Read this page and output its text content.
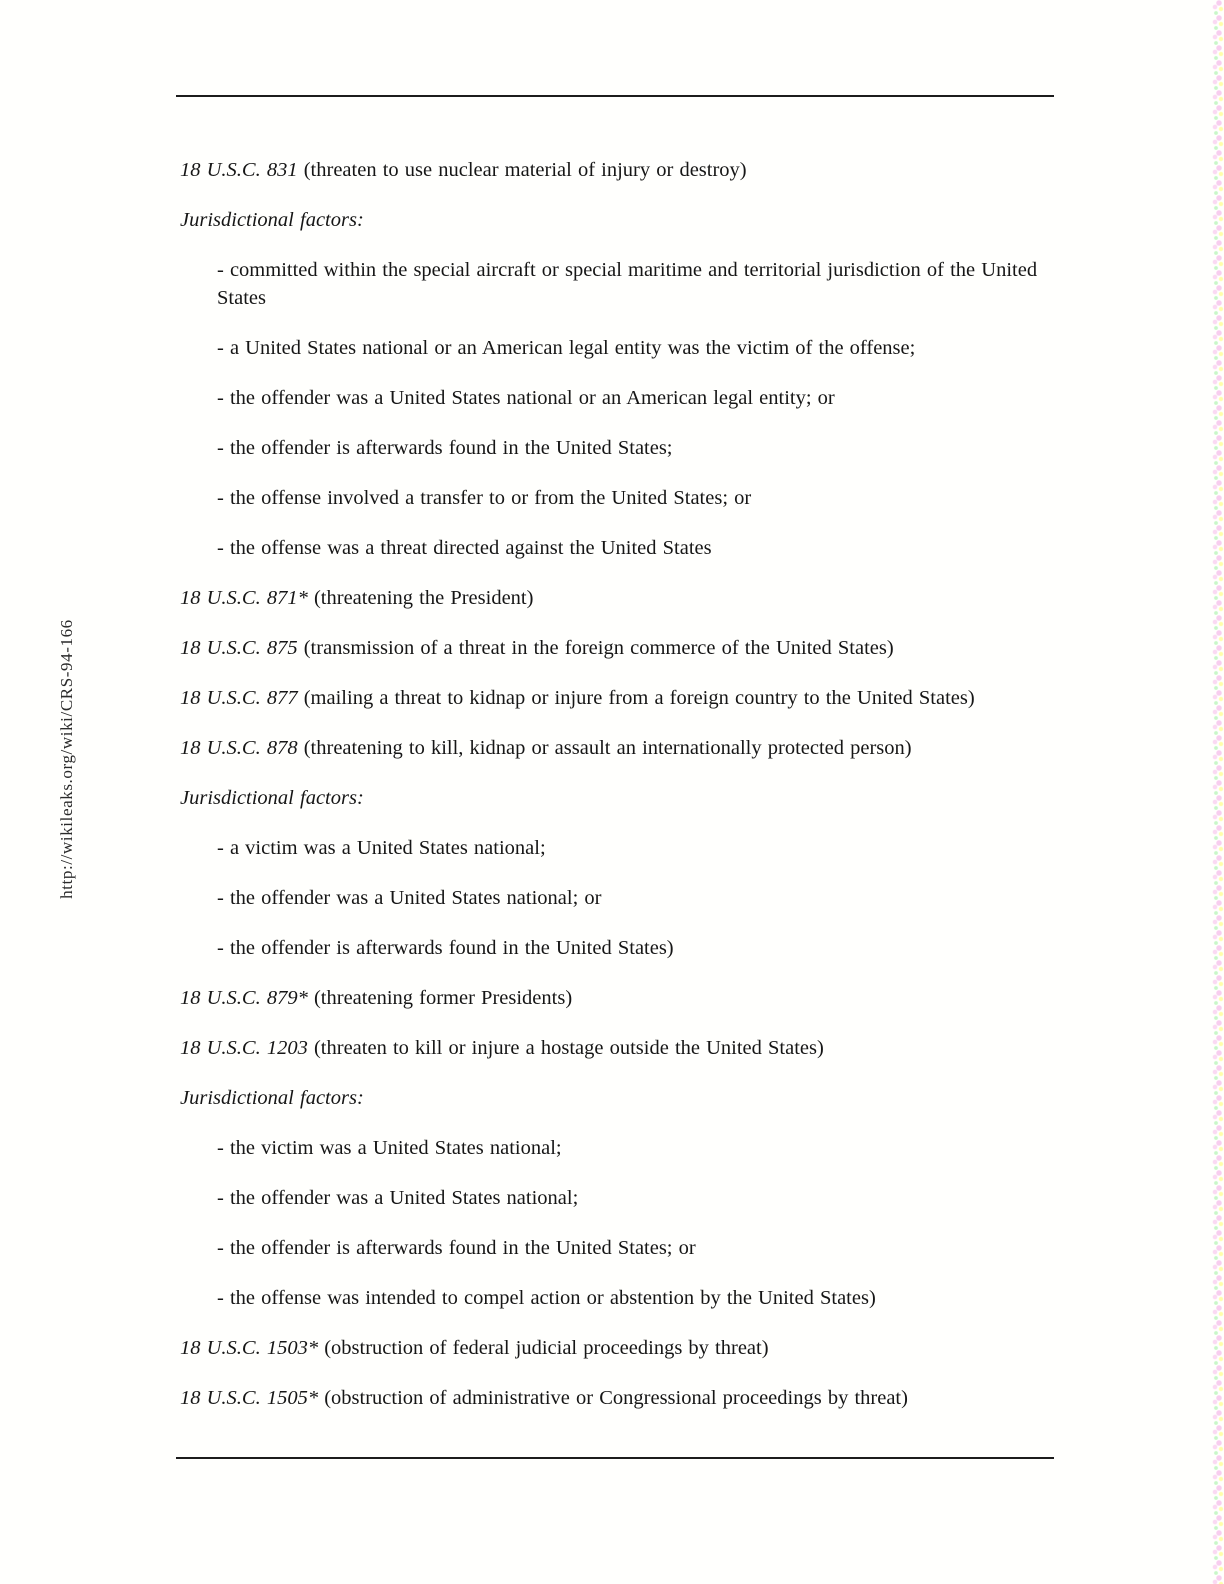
http://wikileaks.org/wiki/CRS-94-166

18 U.S.C. 831 (threaten to use nuclear material of injury or destroy)

Jurisdictional factors:

- committed within the special aircraft or special maritime and territorial jurisdiction of the United States

- a United States national or an American legal entity was the victim of the offense;

- the offender was a United States national or an American legal entity; or

- the offender is afterwards found in the United States;

- the offense involved a transfer to or from the United States; or

- the offense was a threat directed against the United States

18 U.S.C. 871* (threatening the President)

18 U.S.C. 875 (transmission of a threat in the foreign commerce of the United States)

18 U.S.C. 877 (mailing a threat to kidnap or injure from a foreign country to the United States)

18 U.S.C. 878 (threatening to kill, kidnap or assault an internationally protected person)

Jurisdictional factors:

- a victim was a United States national;

- the offender was a United States national; or

- the offender is afterwards found in the United States)

18 U.S.C. 879* (threatening former Presidents)

18 U.S.C. 1203 (threaten to kill or injure a hostage outside the United States)

Jurisdictional factors:

- the victim was a United States national;

- the offender was a United States national;

- the offender is afterwards found in the United States; or

- the offense was intended to compel action or abstention by the United States)

18 U.S.C. 1503* (obstruction of federal judicial proceedings by threat)

18 U.S.C. 1505* (obstruction of administrative or Congressional proceedings by threat)
